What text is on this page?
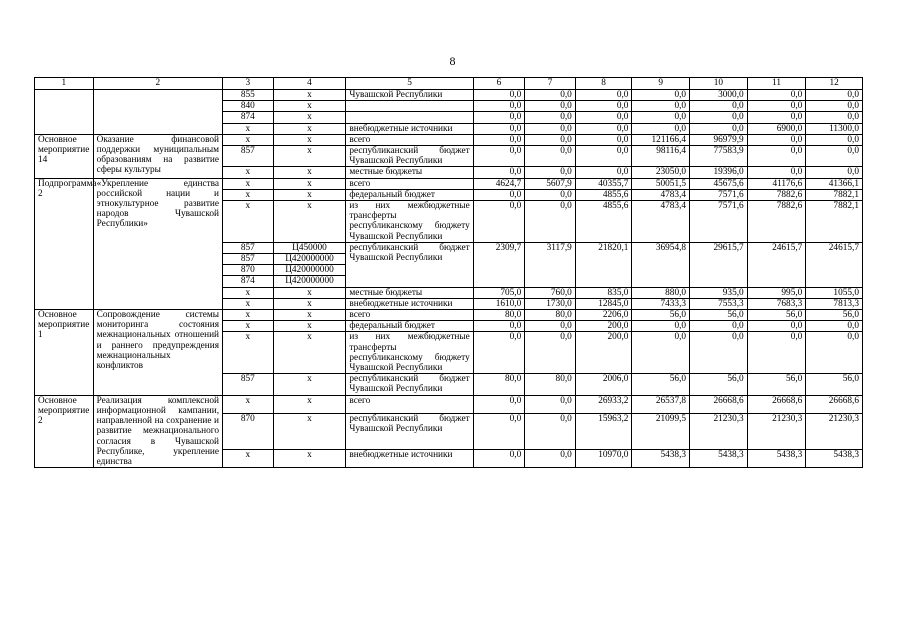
8
1	2	3	4	5	6	7	8	9	10	11	12
		855	x	Чувашской Республики	0,0	0,0	0,0	0,0	3000,0	0,0	0,0
		840	x		0,0	0,0	0,0	0,0	0,0	0,0	0,0
		874	x		0,0	0,0	0,0	0,0	0,0	0,0	0,0
		x	x	внебюджетные источники	0,0	0,0	0,0	0,0	0,0	6900,0	11300,0
Основное мероприятие 14	Оказание финансовой поддержки муниципальным образованиям на развитие сферы культуры	x	x	всего	0,0	0,0	0,0	121166,4	96979,9	0,0	0,0
		857	x	республиканский бюджет Чувашской Республики	0,0	0,0	0,0	98116,4	77583,9	0,0	0,0
		x	x	местные бюджеты	0,0	0,0	0,0	23050,0	19396,0	0,0	0,0
Подпрограмма 2	«Укрепление единства российской нации и этнокультурное развитие народов Чувашской Республики»	x	x	всего	4624,7	5607,9	40355,7	50051,5	45675,6	41176,6	41366,1
		x	x	федеральный бюджет	0,0	0,0	4855,6	4783,4	7571,6	7882,6	7882,1
		x	x	из них межбюджетные трансферты республиканскому бюджету Чувашской Республики	0,0	0,0	4855,6	4783,4	7571,6	7882,6	7882,1
		857	Ц450000	республиканский бюджет Чувашской Республики	2309,7	3117,9	21820,1	36954,8	29615,7	24615,7	24615,7
		857	Ц420000000								
		870	Ц420000000								
		874	Ц420000000								
		x	x	местные бюджеты	705,0	760,0	835,0	880,0	935,0	995,0	1055,0
		x	x	внебюджетные источники	1610,0	1730,0	12845,0	7433,3	7553,3	7683,3	7813,3
Основное мероприятие 1	Сопровождение системы мониторинга состояния межнациональных отношений и раннего предупреждения межнациональных конфликтов	x	x	всего	80,0	80,0	2206,0	56,0	56,0	56,0	56,0
		x	x	федеральный бюджет	0,0	0,0	200,0	0,0	0,0	0,0	0,0
		x	x	из них межбюджетные трансферты республиканскому бюджету Чувашской Республики	0,0	0,0	200,0	0,0	0,0	0,0	0,0
		857	x	республиканский бюджет Чувашской Республики	80,0	80,0	2006,0	56,0	56,0	56,0	56,0
Основное мероприятие 2	Реализация комплексной информационной кампании, направленной на сохранение и развитие межнационального согласия в Чувашской Республике, укрепление единства	x	x	всего	0,0	0,0	26933,2	26537,8	26668,6	26668,6	26668,6
		870	x	республиканский бюджет Чувашской Республики	0,0	0,0	15963,2	21099,5	21230,3	21230,3	21230,3
		x	x	внебюджетные источники	0,0	0,0	10970,0	5438,3	5438,3	5438,3	5438,3
